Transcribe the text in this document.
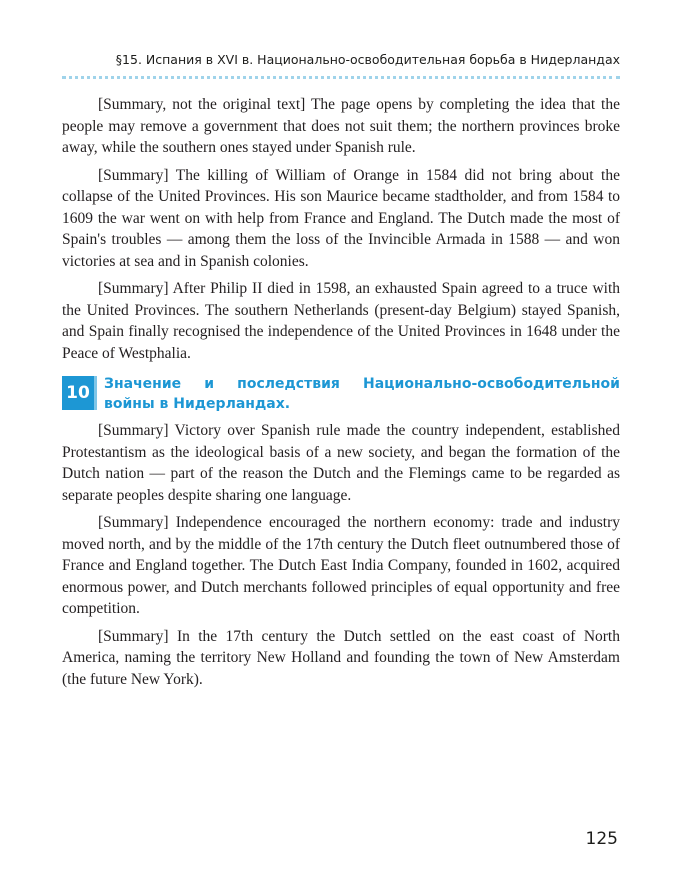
§15. Испания в XVI в. Национально-освободительная борьба в Нидерландах

[Summary, not the original text] The page opens by completing the idea that the people may remove a government that does not suit them; the northern provinces broke away, while the southern ones stayed under Spanish rule.

[Summary] The killing of William of Orange in 1584 did not bring about the collapse of the United Provinces. His son Maurice became stadtholder, and from 1584 to 1609 the war went on with help from France and England. The Dutch made the most of Spain's troubles — among them the loss of the Invincible Armada in 1588 — and won victories at sea and in Spanish colonies.

[Summary] After Philip II died in 1598, an exhausted Spain agreed to a truce with the United Provinces. The southern Netherlands (present-day Belgium) stayed Spanish, and Spain finally recognised the independence of the United Provinces in 1648 under the Peace of Westphalia.

10	Значение и последствия Национально-освободительной войны в Нидерландах.

[Summary] Victory over Spanish rule made the country independent, established Protestantism as the ideological basis of a new society, and began the formation of the Dutch nation — part of the reason the Dutch and the Flemings came to be regarded as separate peoples despite sharing one language.

[Summary] Independence encouraged the northern economy: trade and industry moved north, and by the middle of the 17th century the Dutch fleet outnumbered those of France and England together. The Dutch East India Company, founded in 1602, acquired enormous power, and Dutch merchants followed principles of equal opportunity and free competition.

[Summary] In the 17th century the Dutch settled on the east coast of North America, naming the territory New Holland and founding the town of New Amsterdam (the future New York).

125
